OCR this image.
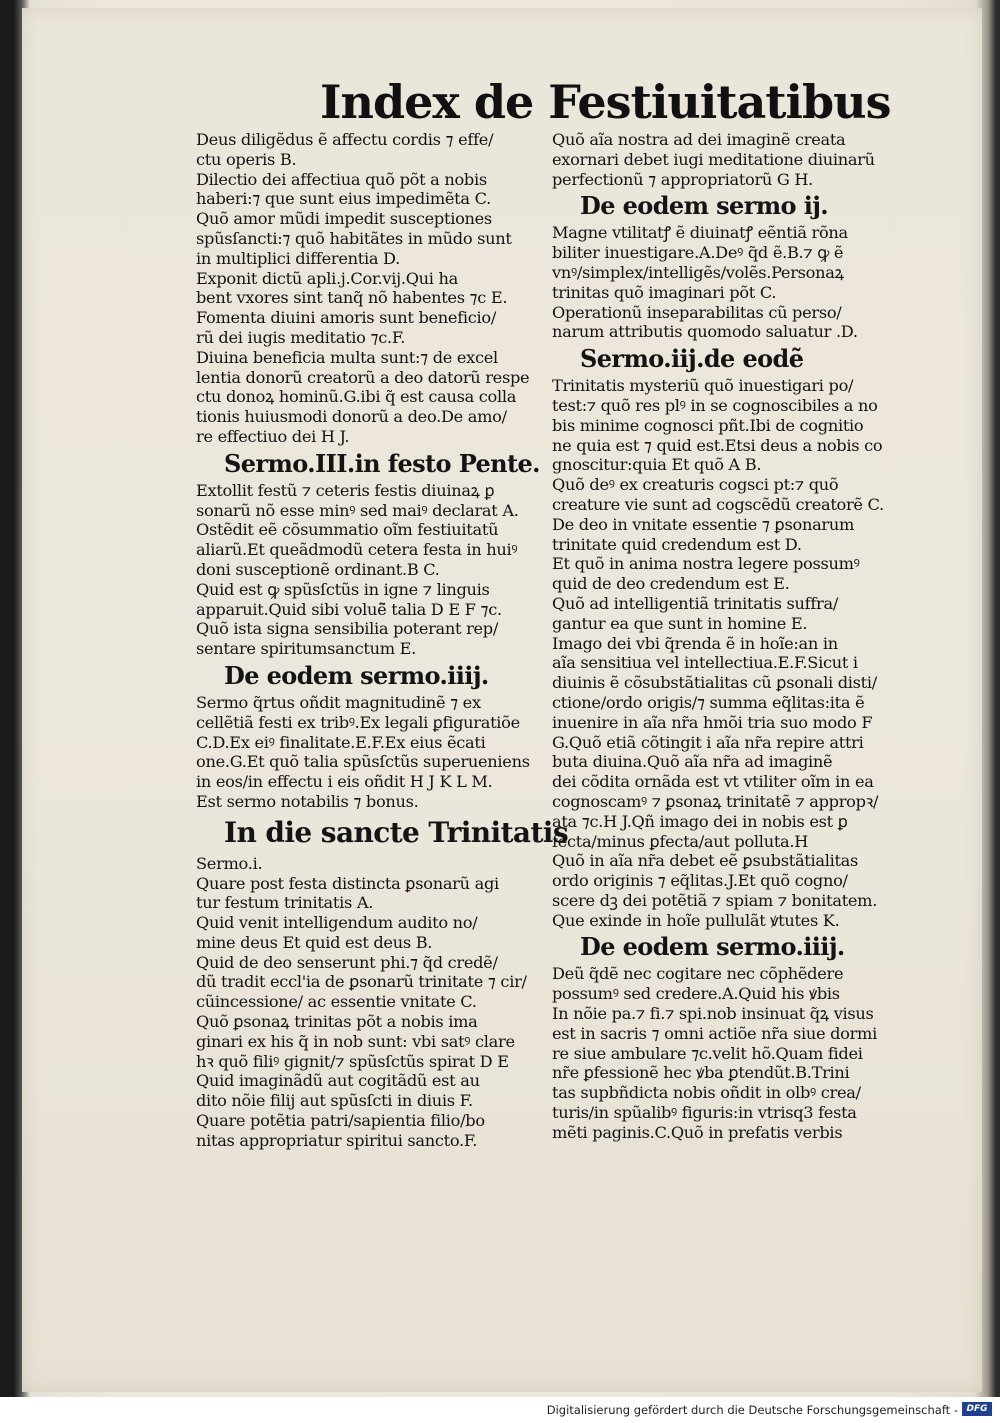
Index de Festiuitatibus
Deus diligẽdus ẽ affectu cordis ⁊ effe/
ctu operis B.
Dilectio dei affectiua quõ põt a nobis
haberi:⁊ que sunt eius impedimẽta C.
Quõ amor mũdi impedit susceptiones
spũsſancti:⁊ quõ habitãtes in mũdo sunt
in multiplici differentia D.
Exponit dictũ apli.j.Cor.vij.Qui ha
bent vxores sint tanq̃ nõ habentes ⁊c E.
Fomenta diuini amoris sunt beneficio/
rũ dei iugis meditatio ⁊c.F.
Diuina beneficia multa sunt:⁊ de excel
lentia donorũ creatorũ a deo datorũ respe
ctu donoꝝ hominũ.G.ibi q̃ est causa colla
tionis huiusmodi donorũ a deo.De amo/
re effectiuo dei H J.
Sermo.III.in festo Pente.
Extollit festũ ⁊ ceteris festis diuinaꝝ ꝑ
sonarũ nõ esse minꝰ sed maiꝰ declarat A.
Ostẽdit eẽ cõsummatio oĩm festiuitatũ
aliarũ.Et queãdmodũ cetera festa in huiꝰ
doni susceptionẽ ordinant.B C.
Quid est ꝙ spũsſctũs in igne ⁊ linguis
apparuit.Quid sibi voluẽ̃ talia D E F ⁊c.
Quõ ista signa sensibilia poterant rep/
sentare spiritumsanctum E.
De eodem sermo.iiij.
Sermo q̃rtus oñdit magnitudinẽ ⁊ ex
cellẽtiã festi ex tribꝰ.Ex legali ꝑfiguratiõe
C.D.Ex eiꝰ finalitate.E.F.Ex eius ẽcati
one.G.Et quõ talia spũsſctũs superueniens
in eos/in effectu i eis oñdit H J K L M.
Est sermo notabilis ⁊ bonus.
In die sancte Trinitatis
Sermo.i.
Quare post festa distincta ꝑsonarũ agi
tur festum trinitatis A.
Quid venit intelligendum audito no/
mine deus Et quid est deus B.
Quid de deo senserunt phi.⁊ q̃d credẽ/
dũ tradit eccl'ia de ꝑsonarũ trinitate ⁊ cir/
cũincessione/ ac essentie vnitate C.
Quõ ꝑsonaꝝ trinitas põt a nobis ima
ginari ex his q̃ in nob sunt: vbi satꝰ clare
hꝛ quõ filiꝰ gignit/⁊ spũsſctũs spirat D E
Quid imaginãdũ aut cogitãdũ est au
dito nõie filij aut spũsſcti in diuis F.
Quare potẽtia patri/sapientia filio/bo
nitas appropriatur spiritui sancto.F.
Quõ aĩa nostra ad dei imaginẽ creata
exornari debet iugi meditatione diuinarũ
perfectionũ ⁊ appropriatorũ G H.
De eodem sermo ij.
Magne vtilitatꝭ ẽ diuinatꝭ eẽntiã rõna
biliter inuestigare.A.Deꝰ q̃d ẽ.B.⁊ ꝙ ẽ
vnꝰ/simplex/intelligẽs/volẽs.Personaꝝ
trinitas quõ imaginari põt C.
Operationũ inseparabilitas cũ perso/
narum attributis quomodo saluatur .D.
Sermo.iij.de eodẽ
Trinitatis mysteriũ quõ inuestigari po/
test:⁊ quõ res plꝰ in se cognoscibiles a no
bis minime cognosci pñt.Ibi de cognitio
ne quia est ⁊ quid est.Etsi deus a nobis co
gnoscitur:quia Et quõ A B.
Quõ deꝰ ex creaturis cogsci pt:⁊ quõ
creature vie sunt ad cogscẽdũ creatorẽ C.
De deo in vnitate essentie ⁊ ꝑsonarum
trinitate quid credendum est D.
Et quõ in anima nostra legere possumꝰ
quid de deo credendum est E.
Quõ ad intelligentiã trinitatis suffra/
gantur ea que sunt in homine E.
Imago dei vbi q̃renda ẽ in hoĩe:an in
aĩa sensitiua vel intellectiua.E.F.Sicut i
diuinis ẽ cõsubstãtialitas cũ ꝑsonali disti/
ctione/ordo origis/⁊ summa eq̃litas:ita ẽ
inuenire in aĩa nr̃a hmõi tria suo modo F
G.Quõ etiã cõtingit i aĩa nr̃a repire attri
buta diuina.Quõ aĩa nr̃a ad imaginẽ
dei cõdita ornãda est vt vtiliter oĩm in ea
cognoscamꝰ ⁊ ꝑsonaꝝ trinitatẽ ⁊ appropꝛ/
ata ⁊c.H J.Qñ imago dei in nobis est ꝑ
fecta/minus ꝑfecta/aut polluta.H
Quõ in aĩa nr̃a debet eẽ ꝑsubstãtialitas
ordo originis ⁊ eq̃litas.J.Et quõ cogno/
scere dꝫ dei potẽtiã ⁊ spiam ⁊ bonitatem.
Que exinde in hoĩe pullulãt ꝟtutes K.
De eodem sermo.iiij.
Deũ q̃dẽ nec cogitare nec cõphẽdere
possumꝰ sed credere.A.Quid his ꝟbis
In nõie pa.⁊ fi.⁊ spi.nob insinuat q̃ꝝ visus
est in sacris ⁊ omni actiõe nr̃a siue dormi
re siue ambulare ⁊c.velit hõ.Quam fidei
nr̃e ꝑfessionẽ hec ꝟba ꝑtendũt.B.Trini
tas supbñdicta nobis oñdit in olbꝰ crea/
turis/in spũalibꝰ figuris:in vtrisq3 festa
mẽti paginis.C.Quõ in prefatis verbis
Digitalisierung gefördert durch die Deutsche Forschungsgemeinschaft - DFG
